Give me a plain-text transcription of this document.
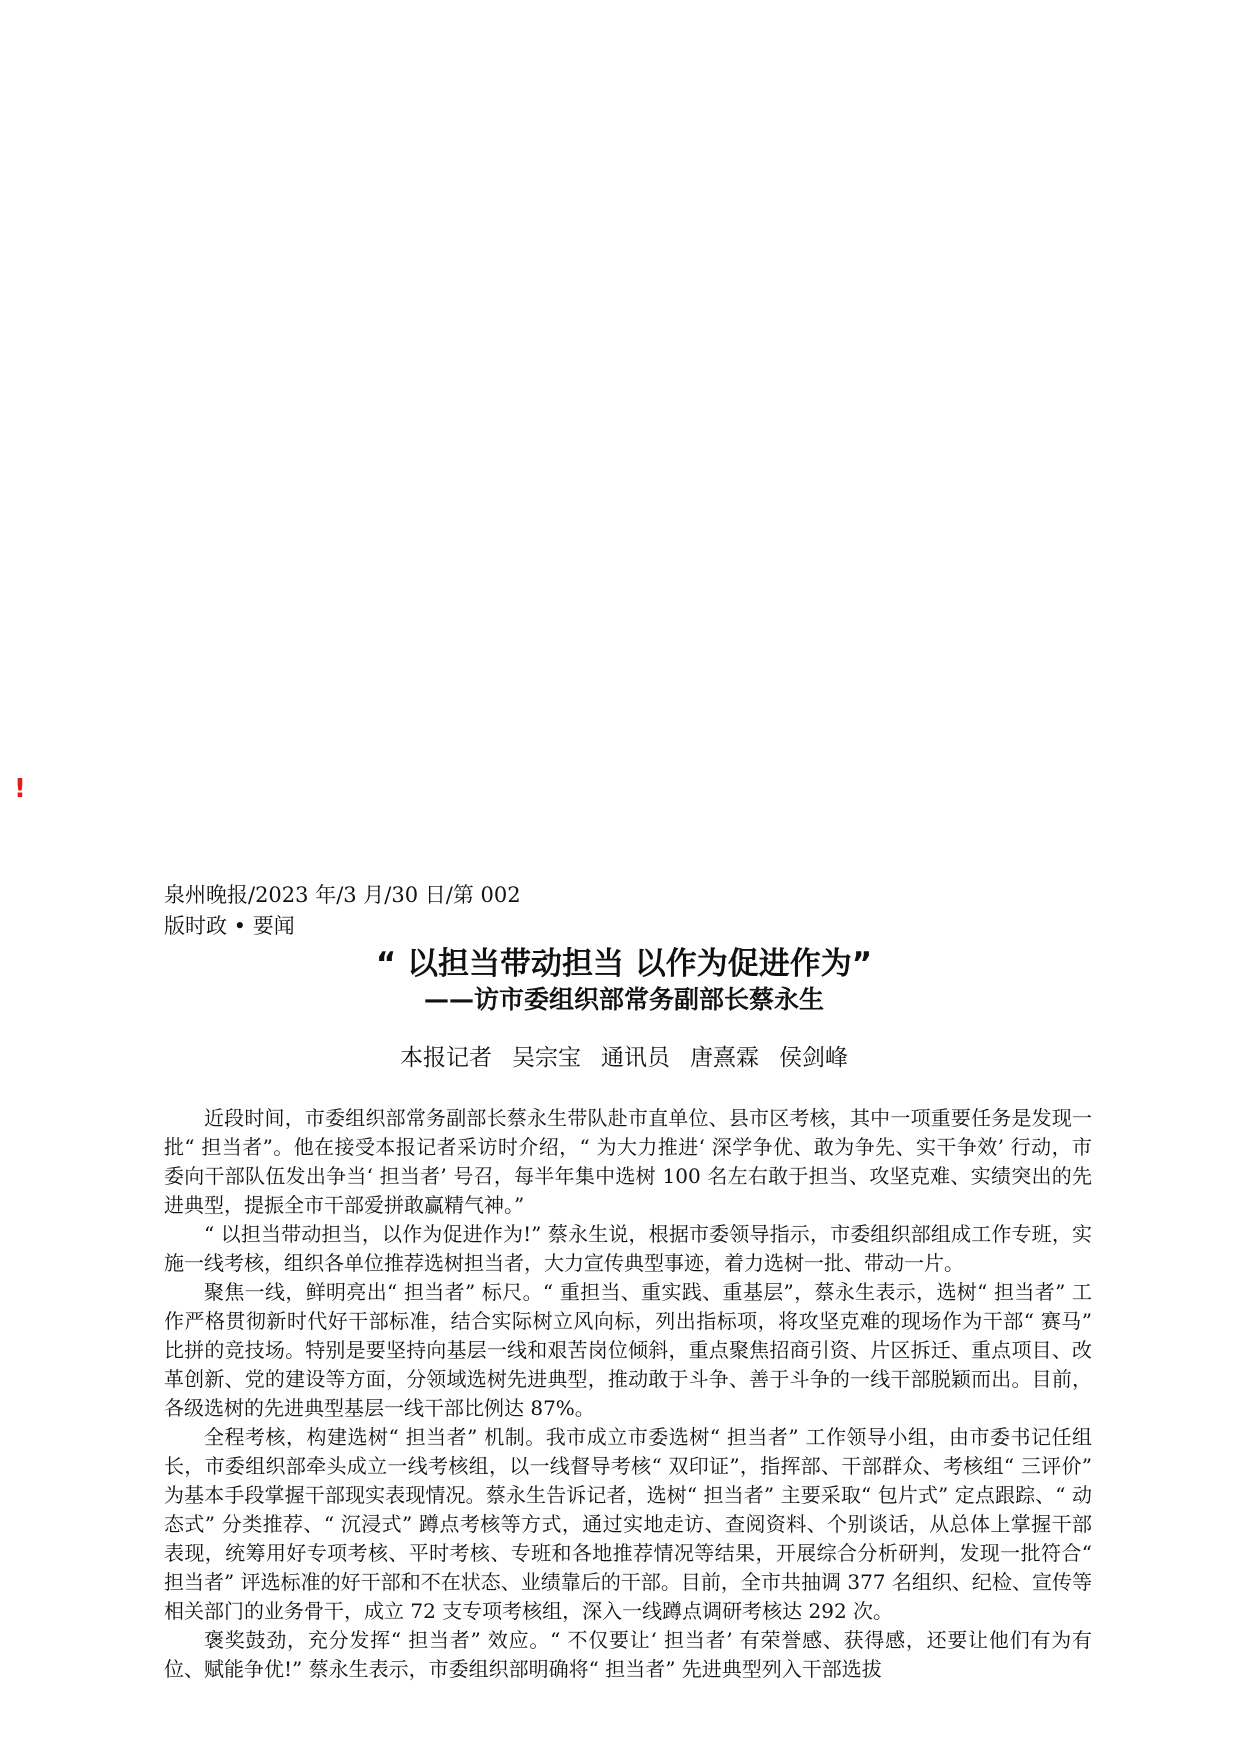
!
泉州晚报/2023 年/3 月/30 日/第 002
版时政 • 要闻
“ 以担当带动担当 以作为促进作为”
——访市委组织部常务副部长蔡永生
本报记者 吴宗宝 通讯员 唐熹霖 侯剑峰

近段时间，市委组织部常务副部长蔡永生带队赴市直单位、县市区考核，其中一项重要任务是发现一批“ 担当者”。他在接受本报记者采访时介绍，“ 为大力推进‘ 深学争优、敢为争先、实干争效’ 行动，市委向干部队伍发出争当‘ 担当者’ 号召，每半年集中选树 100 名左右敢于担当、攻坚克难、实绩突出的先进典型，提振全市干部爱拼敢赢精气神。”

“ 以担当带动担当，以作为促进作为!” 蔡永生说，根据市委领导指示，市委组织部组成工作专班，实施一线考核，组织各单位推荐选树担当者，大力宣传典型事迹，着力选树一批、带动一片。

聚焦一线，鲜明亮出“ 担当者” 标尺。“ 重担当、重实践、重基层”，蔡永生表示，选树“ 担当者” 工作严格贯彻新时代好干部标准，结合实际树立风向标，列出指标项，将攻坚克难的现场作为干部“ 赛马” 比拼的竞技场。特别是要坚持向基层一线和艰苦岗位倾斜，重点聚焦招商引资、片区拆迁、重点项目、改革创新、党的建设等方面，分领域选树先进典型，推动敢于斗争、善于斗争的一线干部脱颖而出。目前，各级选树的先进典型基层一线干部比例达 87%。

全程考核，构建选树“ 担当者” 机制。我市成立市委选树“ 担当者” 工作领导小组，由市委书记任组长，市委组织部牵头成立一线考核组，以一线督导考核“ 双印证”，指挥部、干部群众、考核组“ 三评价” 为基本手段掌握干部现实表现情况。蔡永生告诉记者，选树“ 担当者” 主要采取“ 包片式” 定点跟踪、“ 动态式” 分类推荐、“ 沉浸式” 蹲点考核等方式，通过实地走访、查阅资料、个别谈话，从总体上掌握干部表现，统筹用好专项考核、平时考核、专班和各地推荐情况等结果，开展综合分析研判，发现一批符合“ 担当者” 评选标准的好干部和不在状态、业绩靠后的干部。目前，全市共抽调 377 名组织、纪检、宣传等相关部门的业务骨干，成立 72 支专项考核组，深入一线蹲点调研考核达 292 次。

褒奖鼓劲，充分发挥“ 担当者” 效应。“ 不仅要让‘ 担当者’ 有荣誉感、获得感，还要让他们有为有位、赋能争优!” 蔡永生表示，市委组织部明确将“ 担当者” 先进典型列入干部选拔
